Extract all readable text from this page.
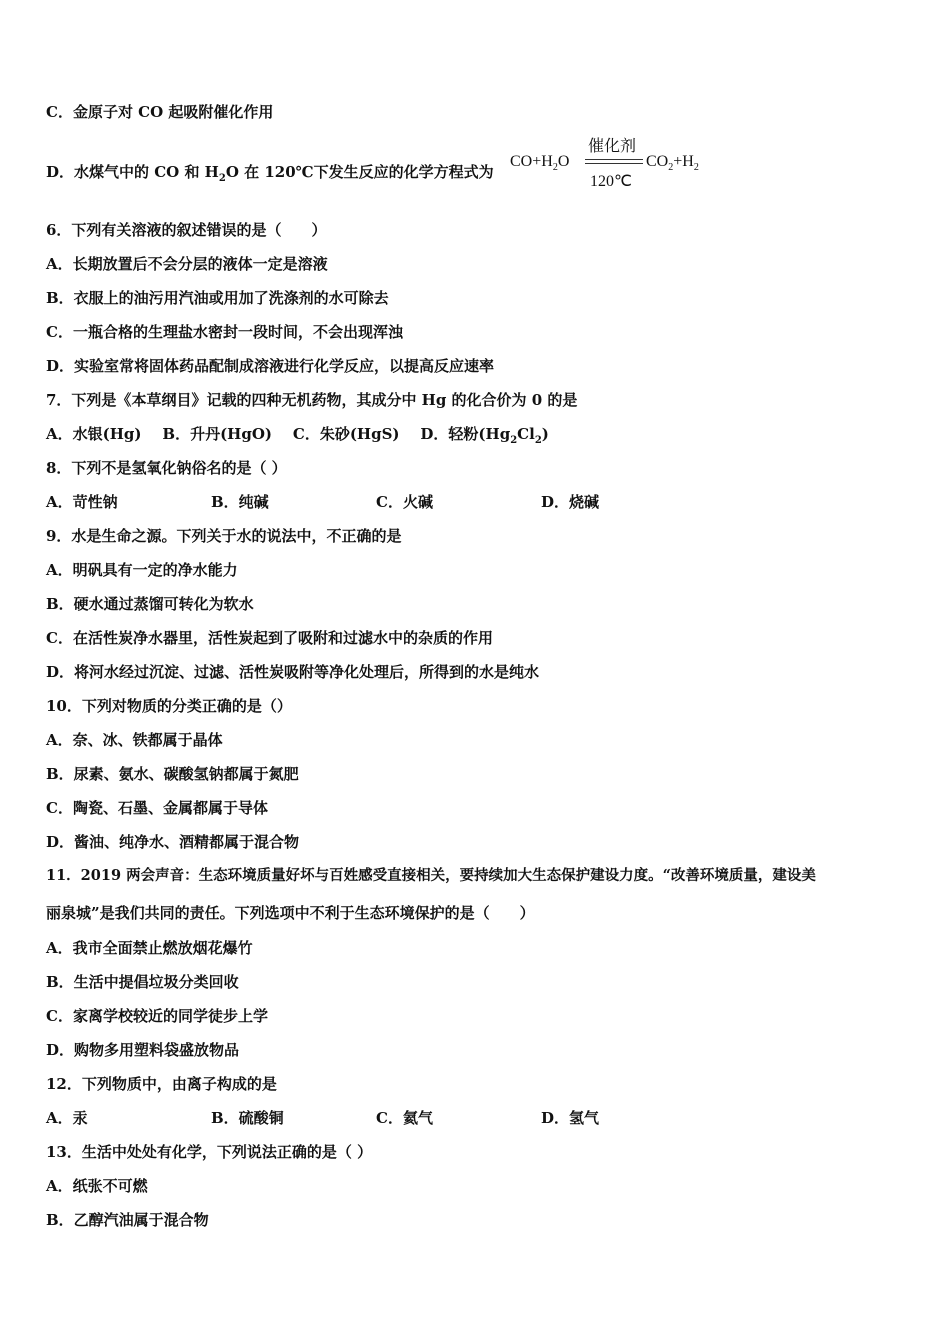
C．金原子对 CO 起吸附催化作用
D．水煤气中的 CO 和 $H_2O$ 在 120℃下发生反应的化学方程式为
催化剂
$CO+H_2O$
120℃
$CO_2+H_2$
6．下列有关溶液的叙述错误的是（　　）
A．长期放置后不会分层的液体一定是溶液
B．衣服上的油污用汽油或用加了洗涤剂的水可除去
C．一瓶合格的生理盐水密封一段时间，不会出现浑浊
D．实验室常将固体药品配制成溶液进行化学反应，以提高反应速率
7．下列是《本草纲目》记载的四种无机药物，其成分中 Hg 的化合价为 0 的是
A．水银(Hg) B．升丹(HgO) C．朱砂(HgS) D．轻粉$(Hg_2Cl_2)$
8．下列不是氢氧化钠俗名的是（ ）
A．苛性钠	B．纯碱	C．火碱	D．烧碱
9．水是生命之源。下列关于水的说法中，不正确的是
A．明矾具有一定的净水能力
B．硬水通过蒸馏可转化为软水
C．在活性炭净水器里，活性炭起到了吸附和过滤水中的杂质的作用
D．将河水经过沉淀、过滤、活性炭吸附等净化处理后，所得到的水是纯水
10．下列对物质的分类正确的是（）
A．奈、冰、铁都属于晶体
B．尿素、氨水、碳酸氢钠都属于氮肥
C．陶瓷、石墨、金属都属于导体
D．酱油、纯净水、酒精都属于混合物
11．2019 两会声音：生态环境质量好坏与百姓感受直接相关，要持续加大生态保护建设力度。“改善环境质量，建设美
丽泉城”是我们共同的责任。下列选项中不利于生态环境保护的是（　　）
A．我市全面禁止燃放烟花爆竹
B．生活中提倡垃圾分类回收
C．家离学校较近的同学徒步上学
D．购物多用塑料袋盛放物品
12．下列物质中，由离子构成的是
A．汞	B．硫酸铜	C．氦气	D．氢气
13．生活中处处有化学，下列说法正确的是（ ）
A．纸张不可燃
B．乙醇汽油属于混合物
